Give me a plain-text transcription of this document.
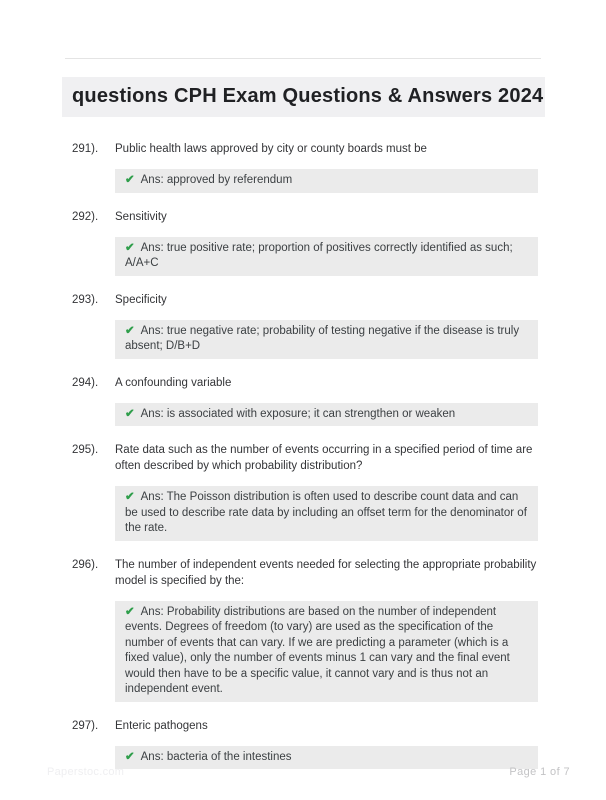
questions CPH Exam Questions & Answers 2024
291).	Public health laws approved by city or county boards must be
✔ Ans: approved by referendum
292).	Sensitivity
✔ Ans: true positive rate; proportion of positives correctly identified as such; A/A+C
293).	Specificity
✔ Ans: true negative rate; probability of testing negative if the disease is truly absent; D/B+D
294).	A confounding variable
✔ Ans: is associated with exposure; it can strengthen or weaken
295).	Rate data such as the number of events occurring in a specified period of time are often described by which probability distribution?
✔ Ans: The Poisson distribution is often used to describe count data and can be used to describe rate data by including an offset term for the denominator of the rate.
296).	The number of independent events needed for selecting the appropriate probability model is specified by the:
✔ Ans: Probability distributions are based on the number of independent events. Degrees of freedom (to vary) are used as the specification of the number of events that can vary. If we are predicting a parameter (which is a fixed value), only the number of events minus 1 can vary and the final event would then have to be a specific value, it cannot vary and is thus not an independent event.
297).	Enteric pathogens
✔ Ans: bacteria of the intestines
Paperstoc.com	Page 1 of 7
